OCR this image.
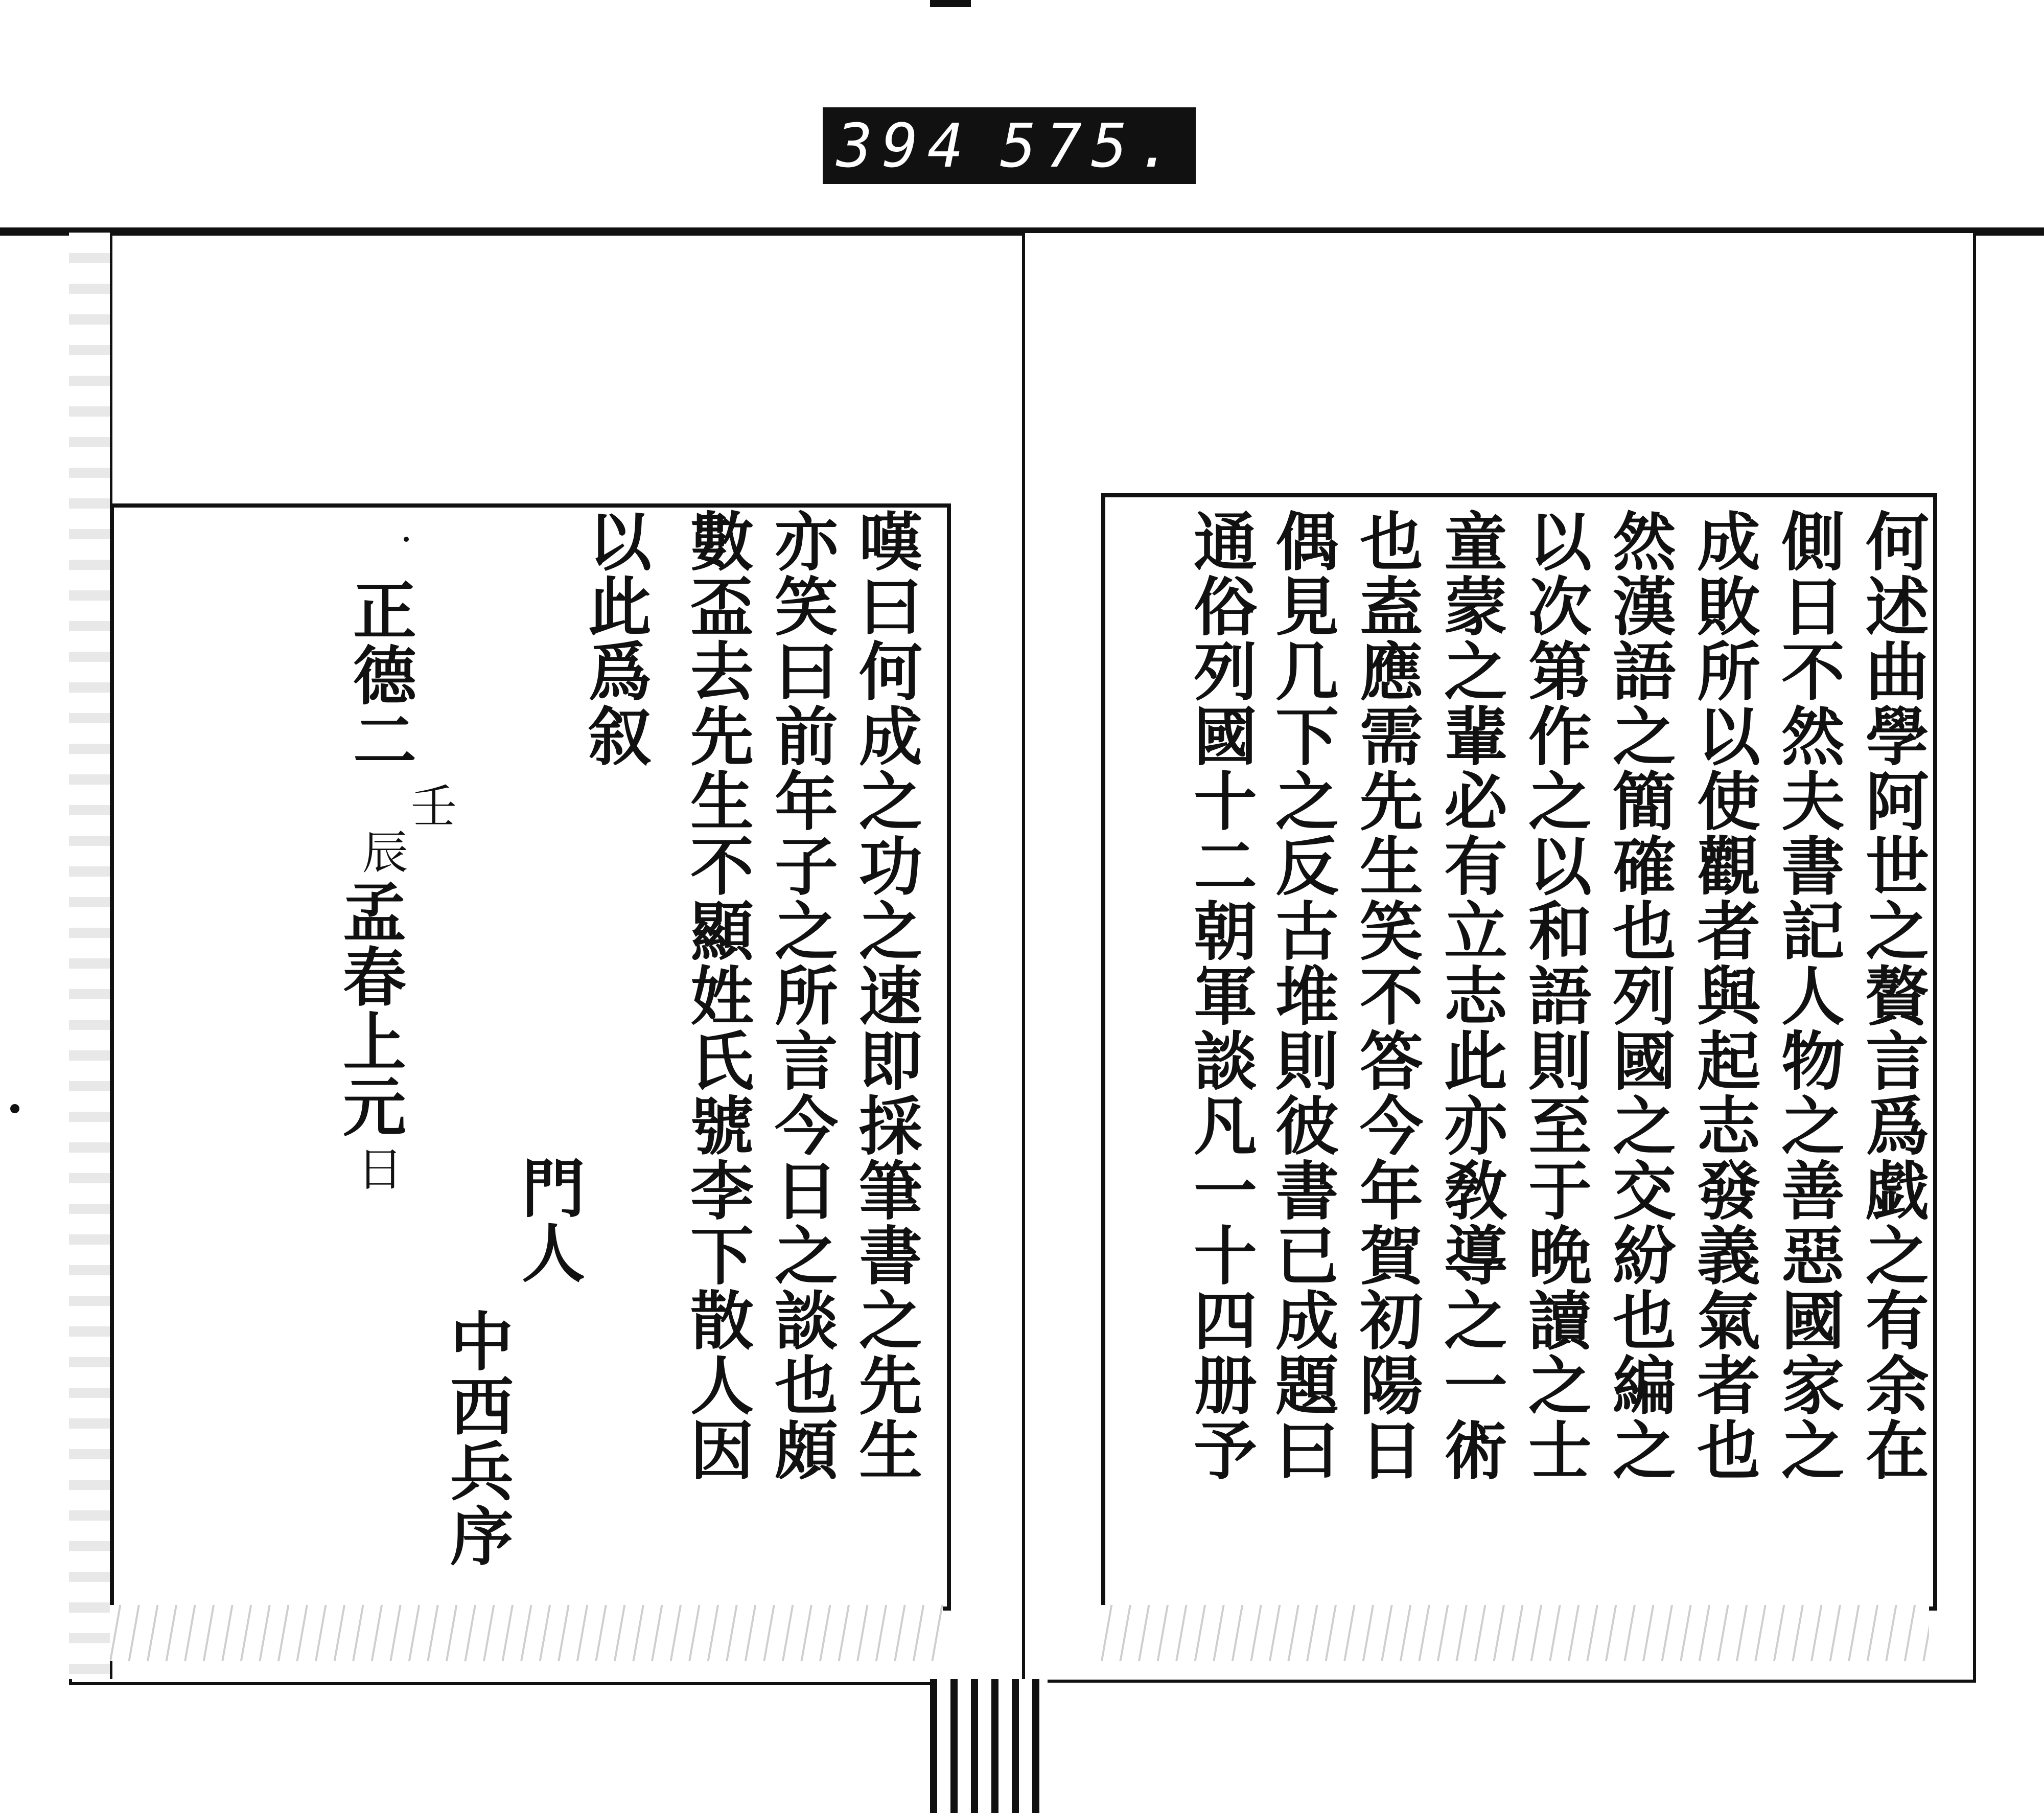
394 575.
何述曲學阿世之贅言爲戯之有余在
側日不然夫書記人物之善惡國家之
成敗所以使觀者與起志發義氣者也
然漢語之簡確也列國之交紛也編之
以次第作之以和語則至于晩讀之士
童蒙之輩必有立志此亦敎導之一術
也盍應需先生笑不答今年賀初陽日
偶見几下之反古堆則彼書已成題曰
通俗列國十二朝軍談凡一十四册予
嘆曰何成之功之速即採筆書之先生
亦笑曰前年子之所言今日之談也頗
數盃去先生不顯姓氏號李下散人因
以此爲叙
正德二
壬
辰
孟春上元
日 門人
中西兵序
